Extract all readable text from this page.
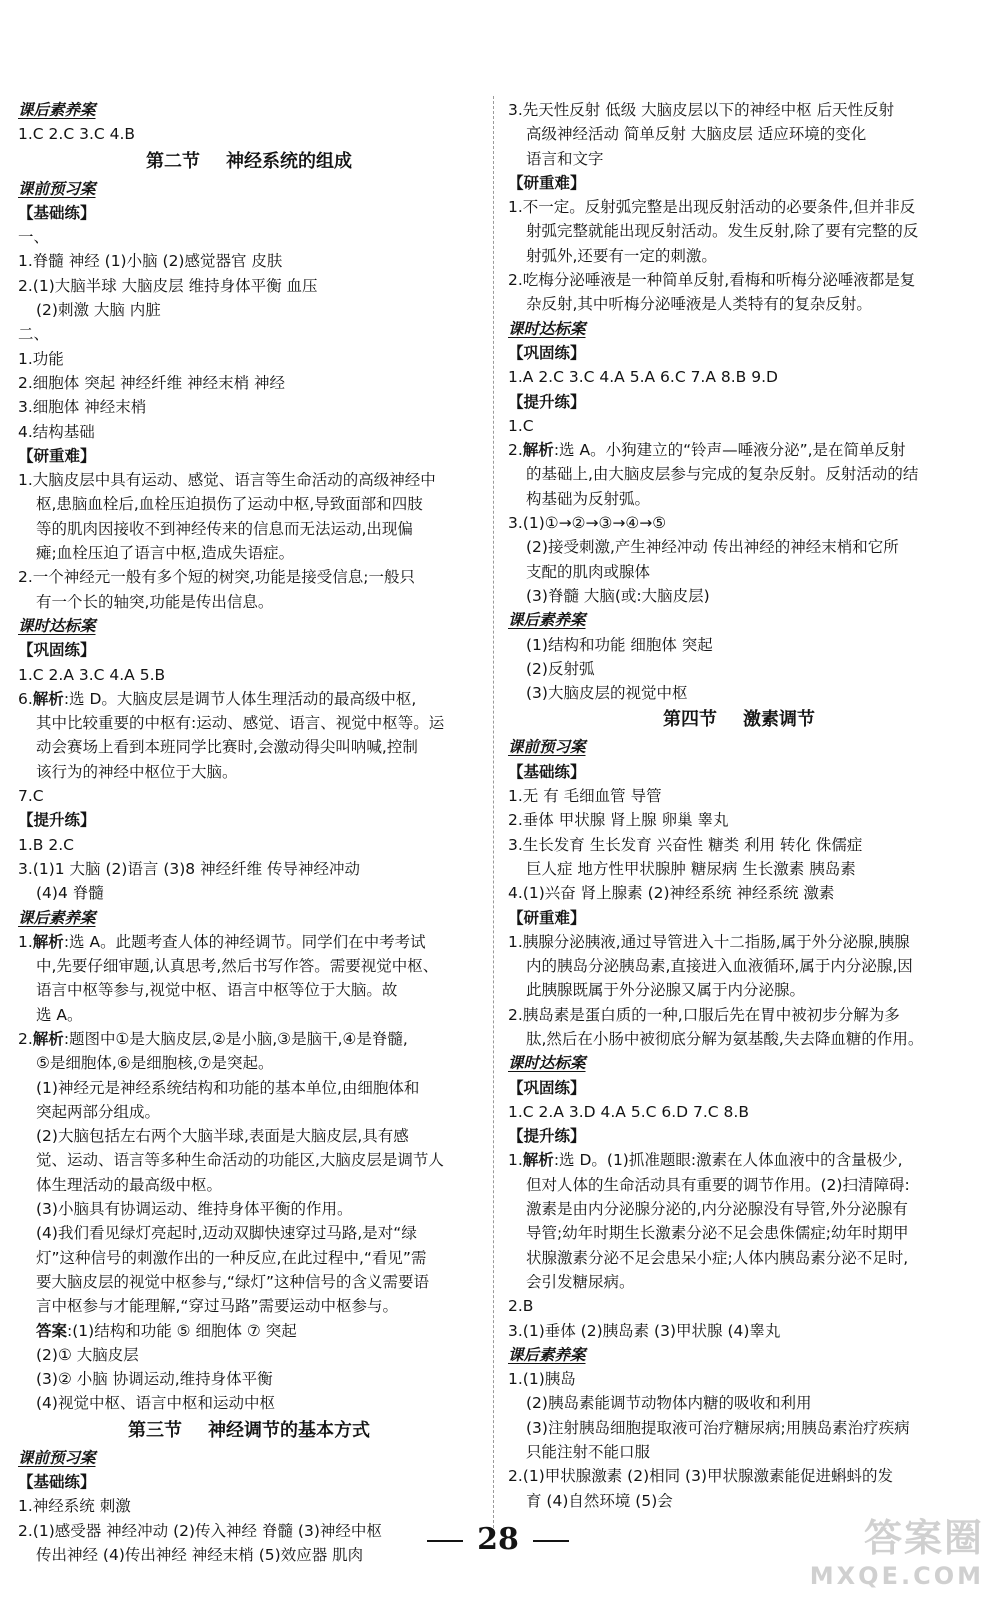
课后素养案
1.C 2.C 3.C 4.B
第二节 神经系统的组成
课前预习案
【基础练】
一、
1.脊髓 神经 (1)小脑 (2)感觉器官 皮肤
2.(1)大脑半球 大脑皮层 维持身体平衡 血压
(2)刺激 大脑 内脏
二、
1.功能
2.细胞体 突起 神经纤维 神经末梢 神经
3.细胞体 神经末梢
4.结构基础
【研重难】
1.大脑皮层中具有运动、感觉、语言等生命活动的高级神经中
枢,患脑血栓后,血栓压迫损伤了运动中枢,导致面部和四肢
等的肌肉因接收不到神经传来的信息而无法运动,出现偏
瘫;血栓压迫了语言中枢,造成失语症。
2.一个神经元一般有多个短的树突,功能是接受信息;一般只
有一个长的轴突,功能是传出信息。
课时达标案
【巩固练】
1.C 2.A 3.C 4.A 5.B
6.解析:选 D。大脑皮层是调节人体生理活动的最高级中枢,
其中比较重要的中枢有:运动、感觉、语言、视觉中枢等。运
动会赛场上看到本班同学比赛时,会激动得尖叫呐喊,控制
该行为的神经中枢位于大脑。
7.C
【提升练】
1.B 2.C
3.(1)1 大脑 (2)语言 (3)8 神经纤维 传导神经冲动
(4)4 脊髓
课后素养案
1.解析:选 A。此题考查人体的神经调节。同学们在中考考试
中,先要仔细审题,认真思考,然后书写作答。需要视觉中枢、
语言中枢等参与,视觉中枢、语言中枢等位于大脑。故
选 A。
2.解析:题图中①是大脑皮层,②是小脑,③是脑干,④是脊髓,
⑤是细胞体,⑥是细胞核,⑦是突起。
(1)神经元是神经系统结构和功能的基本单位,由细胞体和
突起两部分组成。
(2)大脑包括左右两个大脑半球,表面是大脑皮层,具有感
觉、运动、语言等多种生命活动的功能区,大脑皮层是调节人
体生理活动的最高级中枢。
(3)小脑具有协调运动、维持身体平衡的作用。
(4)我们看见绿灯亮起时,迈动双脚快速穿过马路,是对“绿
灯”这种信号的刺激作出的一种反应,在此过程中,“看见”需
要大脑皮层的视觉中枢参与,“绿灯”这种信号的含义需要语
言中枢参与才能理解,“穿过马路”需要运动中枢参与。
答案:(1)结构和功能 ⑤ 细胞体 ⑦ 突起
(2)① 大脑皮层
(3)② 小脑 协调运动,维持身体平衡
(4)视觉中枢、语言中枢和运动中枢
第三节 神经调节的基本方式
课前预习案
【基础练】
1.神经系统 刺激
2.(1)感受器 神经冲动 (2)传入神经 脊髓 (3)神经中枢
传出神经 (4)传出神经 神经末梢 (5)效应器 肌肉
3.先天性反射 低级 大脑皮层以下的神经中枢 后天性反射
高级神经活动 简单反射 大脑皮层 适应环境的变化
语言和文字
【研重难】
1.不一定。反射弧完整是出现反射活动的必要条件,但并非反
射弧完整就能出现反射活动。发生反射,除了要有完整的反
射弧外,还要有一定的刺激。
2.吃梅分泌唾液是一种简单反射,看梅和听梅分泌唾液都是复
杂反射,其中听梅分泌唾液是人类特有的复杂反射。
课时达标案
【巩固练】
1.A 2.C 3.C 4.A 5.A 6.C 7.A 8.B 9.D
【提升练】
1.C
2.解析:选 A。小狗建立的“铃声—唾液分泌”,是在简单反射
的基础上,由大脑皮层参与完成的复杂反射。反射活动的结
构基础为反射弧。
3.(1)①→②→③→④→⑤
(2)接受刺激,产生神经冲动 传出神经的神经末梢和它所
支配的肌肉或腺体
(3)脊髓 大脑(或:大脑皮层)
课后素养案
(1)结构和功能 细胞体 突起
(2)反射弧
(3)大脑皮层的视觉中枢
第四节 激素调节
课前预习案
【基础练】
1.无 有 毛细血管 导管
2.垂体 甲状腺 肾上腺 卵巢 睾丸
3.生长发育 生长发育 兴奋性 糖类 利用 转化 侏儒症
巨人症 地方性甲状腺肿 糖尿病 生长激素 胰岛素
4.(1)兴奋 肾上腺素 (2)神经系统 神经系统 激素
【研重难】
1.胰腺分泌胰液,通过导管进入十二指肠,属于外分泌腺,胰腺
内的胰岛分泌胰岛素,直接进入血液循环,属于内分泌腺,因
此胰腺既属于外分泌腺又属于内分泌腺。
2.胰岛素是蛋白质的一种,口服后先在胃中被初步分解为多
肽,然后在小肠中被彻底分解为氨基酸,失去降血糖的作用。
课时达标案
【巩固练】
1.C 2.A 3.D 4.A 5.C 6.D 7.C 8.B
【提升练】
1.解析:选 D。(1)抓准题眼:激素在人体血液中的含量极少,
但对人体的生命活动具有重要的调节作用。(2)扫清障碍:
激素是由内分泌腺分泌的,内分泌腺没有导管,外分泌腺有
导管;幼年时期生长激素分泌不足会患侏儒症;幼年时期甲
状腺激素分泌不足会患呆小症;人体内胰岛素分泌不足时,
会引发糖尿病。
2.B
3.(1)垂体 (2)胰岛素 (3)甲状腺 (4)睾丸
课后素养案
1.(1)胰岛
(2)胰岛素能调节动物体内糖的吸收和利用
(3)注射胰岛细胞提取液可治疗糖尿病;用胰岛素治疗疾病
只能注射不能口服
2.(1)甲状腺激素 (2)相同 (3)甲状腺激素能促进蝌蚪的发
育 (4)自然环境 (5)会
28	答案圈
MXQE.COM
